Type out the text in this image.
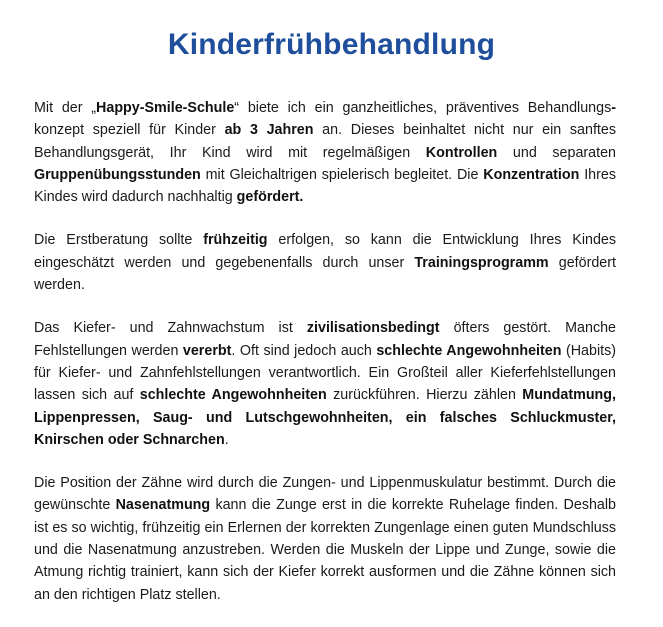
Kinderfrühbehandlung

Mit der „Happy-Smile-Schule“ biete ich ein ganzheitliches, präventives Behandlungs- konzept speziell für Kinder ab 3 Jahren an. Dieses beinhaltet nicht nur ein sanftes Behandlungsgerät, Ihr Kind wird mit regelmäßigen Kontrollen und separaten Gruppenübungsstunden mit Gleichaltrigen spielerisch begleitet. Die Konzentration Ihres Kindes wird dadurch nachhaltig gefördert.

Die Erstberatung sollte frühzeitig erfolgen, so kann die Entwicklung Ihres Kindes eingeschätzt werden und gegebenenfalls durch unser Trainingsprogramm gefördert werden.

Das Kiefer- und Zahnwachstum ist zivilisationsbedingt öfters gestört. Manche Fehlstellungen werden vererbt. Oft sind jedoch auch schlechte Angewohnheiten (Habits) für Kiefer- und Zahnfehlstellungen verantwortlich. Ein Großteil aller Kieferfehlstellungen lassen sich auf schlechte Angewohnheiten zurückführen. Hierzu zählen Mundatmung, Lippenpressen, Saug- und Lutschgewohnheiten, ein falsches Schluckmuster, Knirschen oder Schnarchen.

Die Position der Zähne wird durch die Zungen- und Lippenmuskulatur bestimmt. Durch die gewünschte Nasenatmung kann die Zunge erst in die korrekte Ruhelage finden. Deshalb ist es so wichtig, frühzeitig ein Erlernen der korrekten Zungenlage einen guten Mundschluss und die Nasenatmung anzustreben. Werden die Muskeln der Lippe und Zunge, sowie die Atmung richtig trainiert, kann sich der Kiefer korrekt ausformen und die Zähne können sich an den richtigen Platz stellen.
